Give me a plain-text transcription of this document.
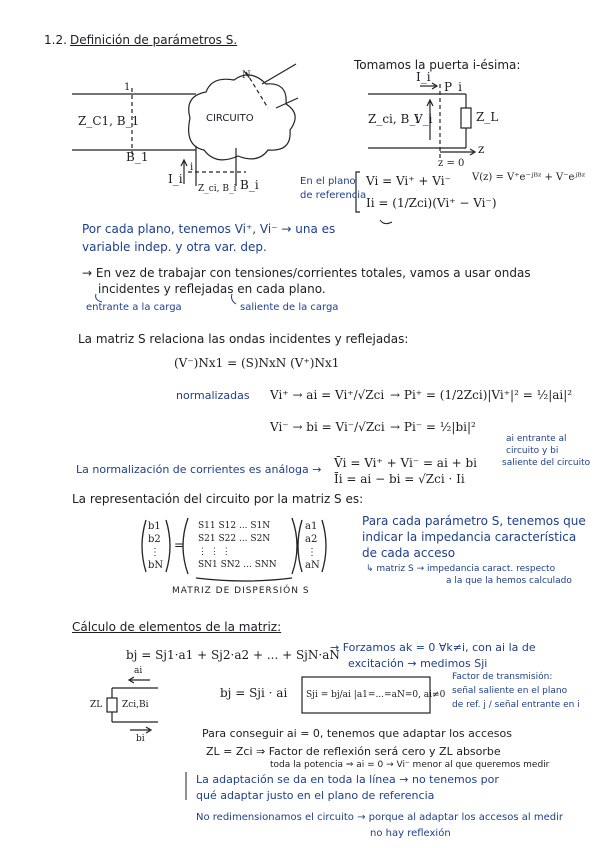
1.2. Definición de parámetros S.
Z_C1, B_1
1
B_1
CIRCUITO
N
i
I_i
Z_ci, B_i B_i
Tomamos la puerta i-ésima:
I_i
P_i
Z_ci, B_i
V_i	Z_L
z = 0
z
En el plano
de referencia
Vi = Vi⁺ + Vi⁻ V(z) = V⁺e⁻ʲᴮᶻ + V⁻eʲᴮᶻ
Ii = (1/Zci)(Vi⁺ − Vi⁻)
Por cada plano, tenemos Vi⁺, Vi⁻ → una es
variable indep. y otra var. dep.
→ En vez de trabajar con tensiones/corrientes totales, vamos a usar ondas
incidentes y reflejadas en cada plano.
entrante a la carga	saliente de la carga
La matriz S relaciona las ondas incidentes y reflejadas:
(V⁻)Nx1 = (S)NxN (V⁺)Nx1
normalizadas Vi⁺ → ai = Vi⁺/√Zci → Pi⁺ = (1/2Zci)|Vi⁺|² = ½|ai|²
Vi⁻ → bi = Vi⁻/√Zci → Pi⁻ = ½|bi|²
La normalización de corrientes es análoga → V̄i = Vi⁺ + Vi⁻ = ai + bi
Īi = ai − bi = √Zci · Ii
ai entrante al
circuito y bi
saliente del circuito
La representación del circuito por la matriz S es:
b1
b2
⋮
bN
=
S11 S12 ... S1N
S21 S22 ... S2N
⋮ ⋮ ⋮
SN1 SN2 ... SNN
a1
a2
⋮
aN
MATRIZ DE DISPERSIÓN S
Para cada parámetro S, tenemos que
indicar la impedancia característica
de cada acceso
↳ matriz S → impedancia caract. respecto
a la que la hemos calculado
Cálculo de elementos de la matriz:
bj = Sj1·a1 + Sj2·a2 + ... + SjN·aN
→ Forzamos ak = 0 ∀k≠i, con ai la de
excitación → medimos Sji
bj = Sji · ai Sji = bj/ai |a1=...=aN=0, ai≠0
Factor de transmisión:
señal saliente en el plano
de ref. j / señal entrante en i
ai
ZL Zci,Bi
bi	Para conseguir ai = 0, tenemos que adaptar los accesos
ZL = Zci ⇒ Factor de reflexión será cero y ZL absorbe
toda la potencia ⇒ ai = 0 → Vi⁻ menor al que queremos medir
La adaptación se da en toda la línea → no tenemos por
qué adaptar justo en el plano de referencia
No redimensionamos el circuito → porque al adaptar los accesos al medir
no hay reflexión
